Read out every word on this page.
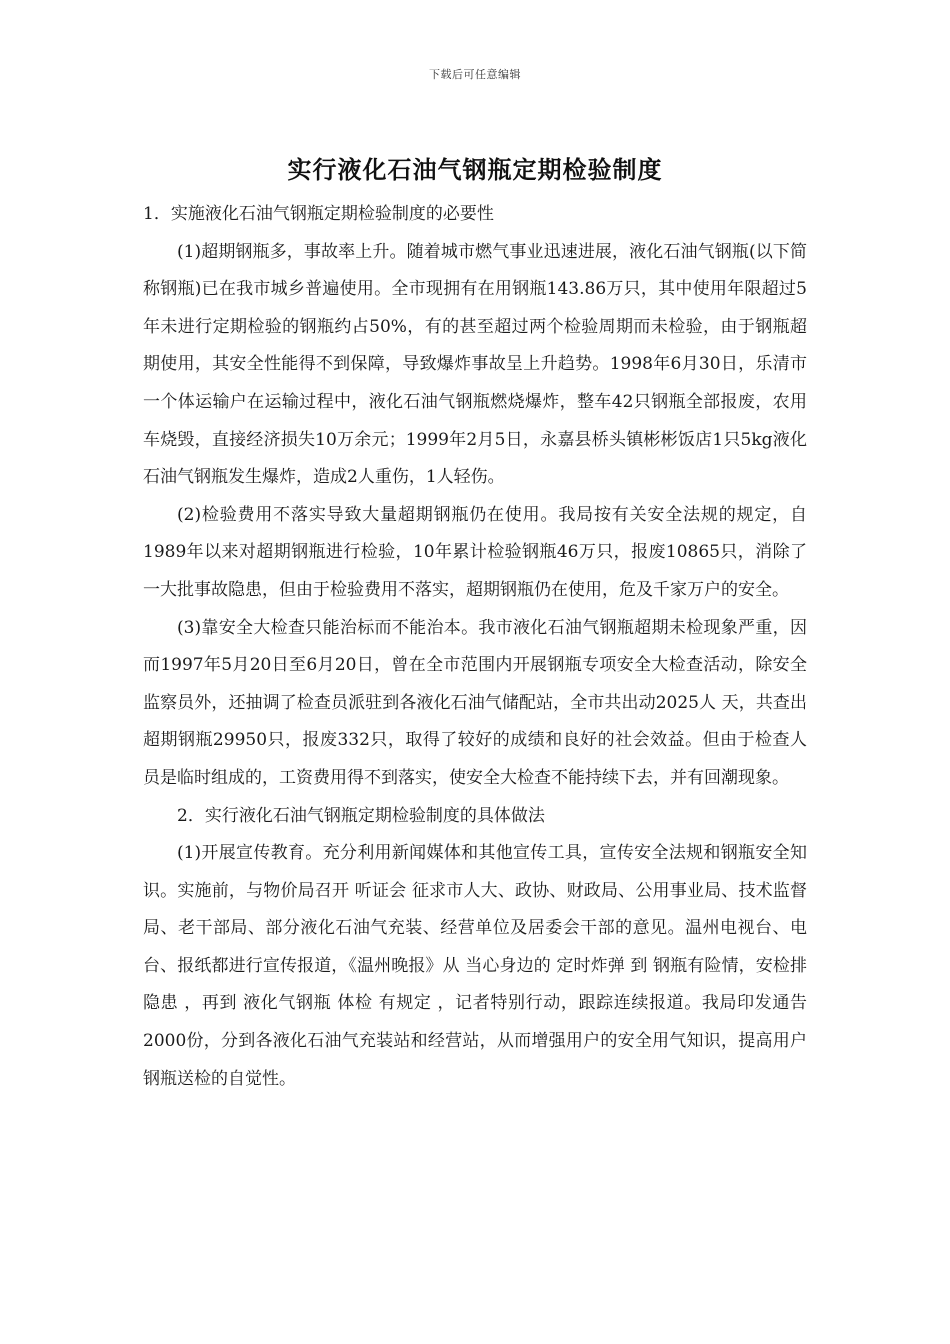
下载后可任意编辑
实行液化石油气钢瓶定期检验制度

1．实施液化石油气钢瓶定期检验制度的必要性

(1)超期钢瓶多，事故率上升。随着城市燃气事业迅速进展，液化石油气钢瓶(以下简称钢瓶)已在我市城乡普遍使用。全市现拥有在用钢瓶143.86万只，其中使用年限超过5年未进行定期检验的钢瓶约占50%，有的甚至超过两个检验周期而未检验，由于钢瓶超期使用，其安全性能得不到保障，导致爆炸事故呈上升趋势。1998年6月30日，乐清市一个体运输户在运输过程中，液化石油气钢瓶燃烧爆炸，整车42只钢瓶全部报废，农用车烧毁，直接经济损失10万余元；1999年2月5日，永嘉县桥头镇彬彬饭店1只5kg液化石油气钢瓶发生爆炸，造成2人重伤，1人轻伤。

(2)检验费用不落实导致大量超期钢瓶仍在使用。我局按有关安全法规的规定，自1989年以来对超期钢瓶进行检验，10年累计检验钢瓶46万只，报废10865只，消除了一大批事故隐患，但由于检验费用不落实，超期钢瓶仍在使用，危及千家万户的安全。

(3)靠安全大检查只能治标而不能治本。我市液化石油气钢瓶超期未检现象严重，因而1997年5月20日至6月20日，曾在全市范围内开展钢瓶专项安全大检查活动，除安全监察员外，还抽调了检查员派驻到各液化石油气储配站，全市共出动2025人 天，共查出超期钢瓶29950只，报废332只，取得了较好的成绩和良好的社会效益。但由于检查人员是临时组成的，工资费用得不到落实，使安全大检查不能持续下去，并有回潮现象。

2．实行液化石油气钢瓶定期检验制度的具体做法

(1)开展宣传教育。充分利用新闻媒体和其他宣传工具，宣传安全法规和钢瓶安全知识。实施前，与物价局召开 听证会 征求市人大、政协、财政局、公用事业局、技术监督局、老干部局、部分液化石油气充装、经营单位及居委会干部的意见。温州电视台、电台、报纸都进行宣传报道，《温州晚报》从 当心身边的 定时炸弹 到 钢瓶有险情，安检排隐患 ，再到 液化气钢瓶 体检 有规定 ，记者特别行动，跟踪连续报道。我局印发通告2000份，分到各液化石油气充装站和经营站，从而增强用户的安全用气知识，提高用户钢瓶送检的自觉性。
